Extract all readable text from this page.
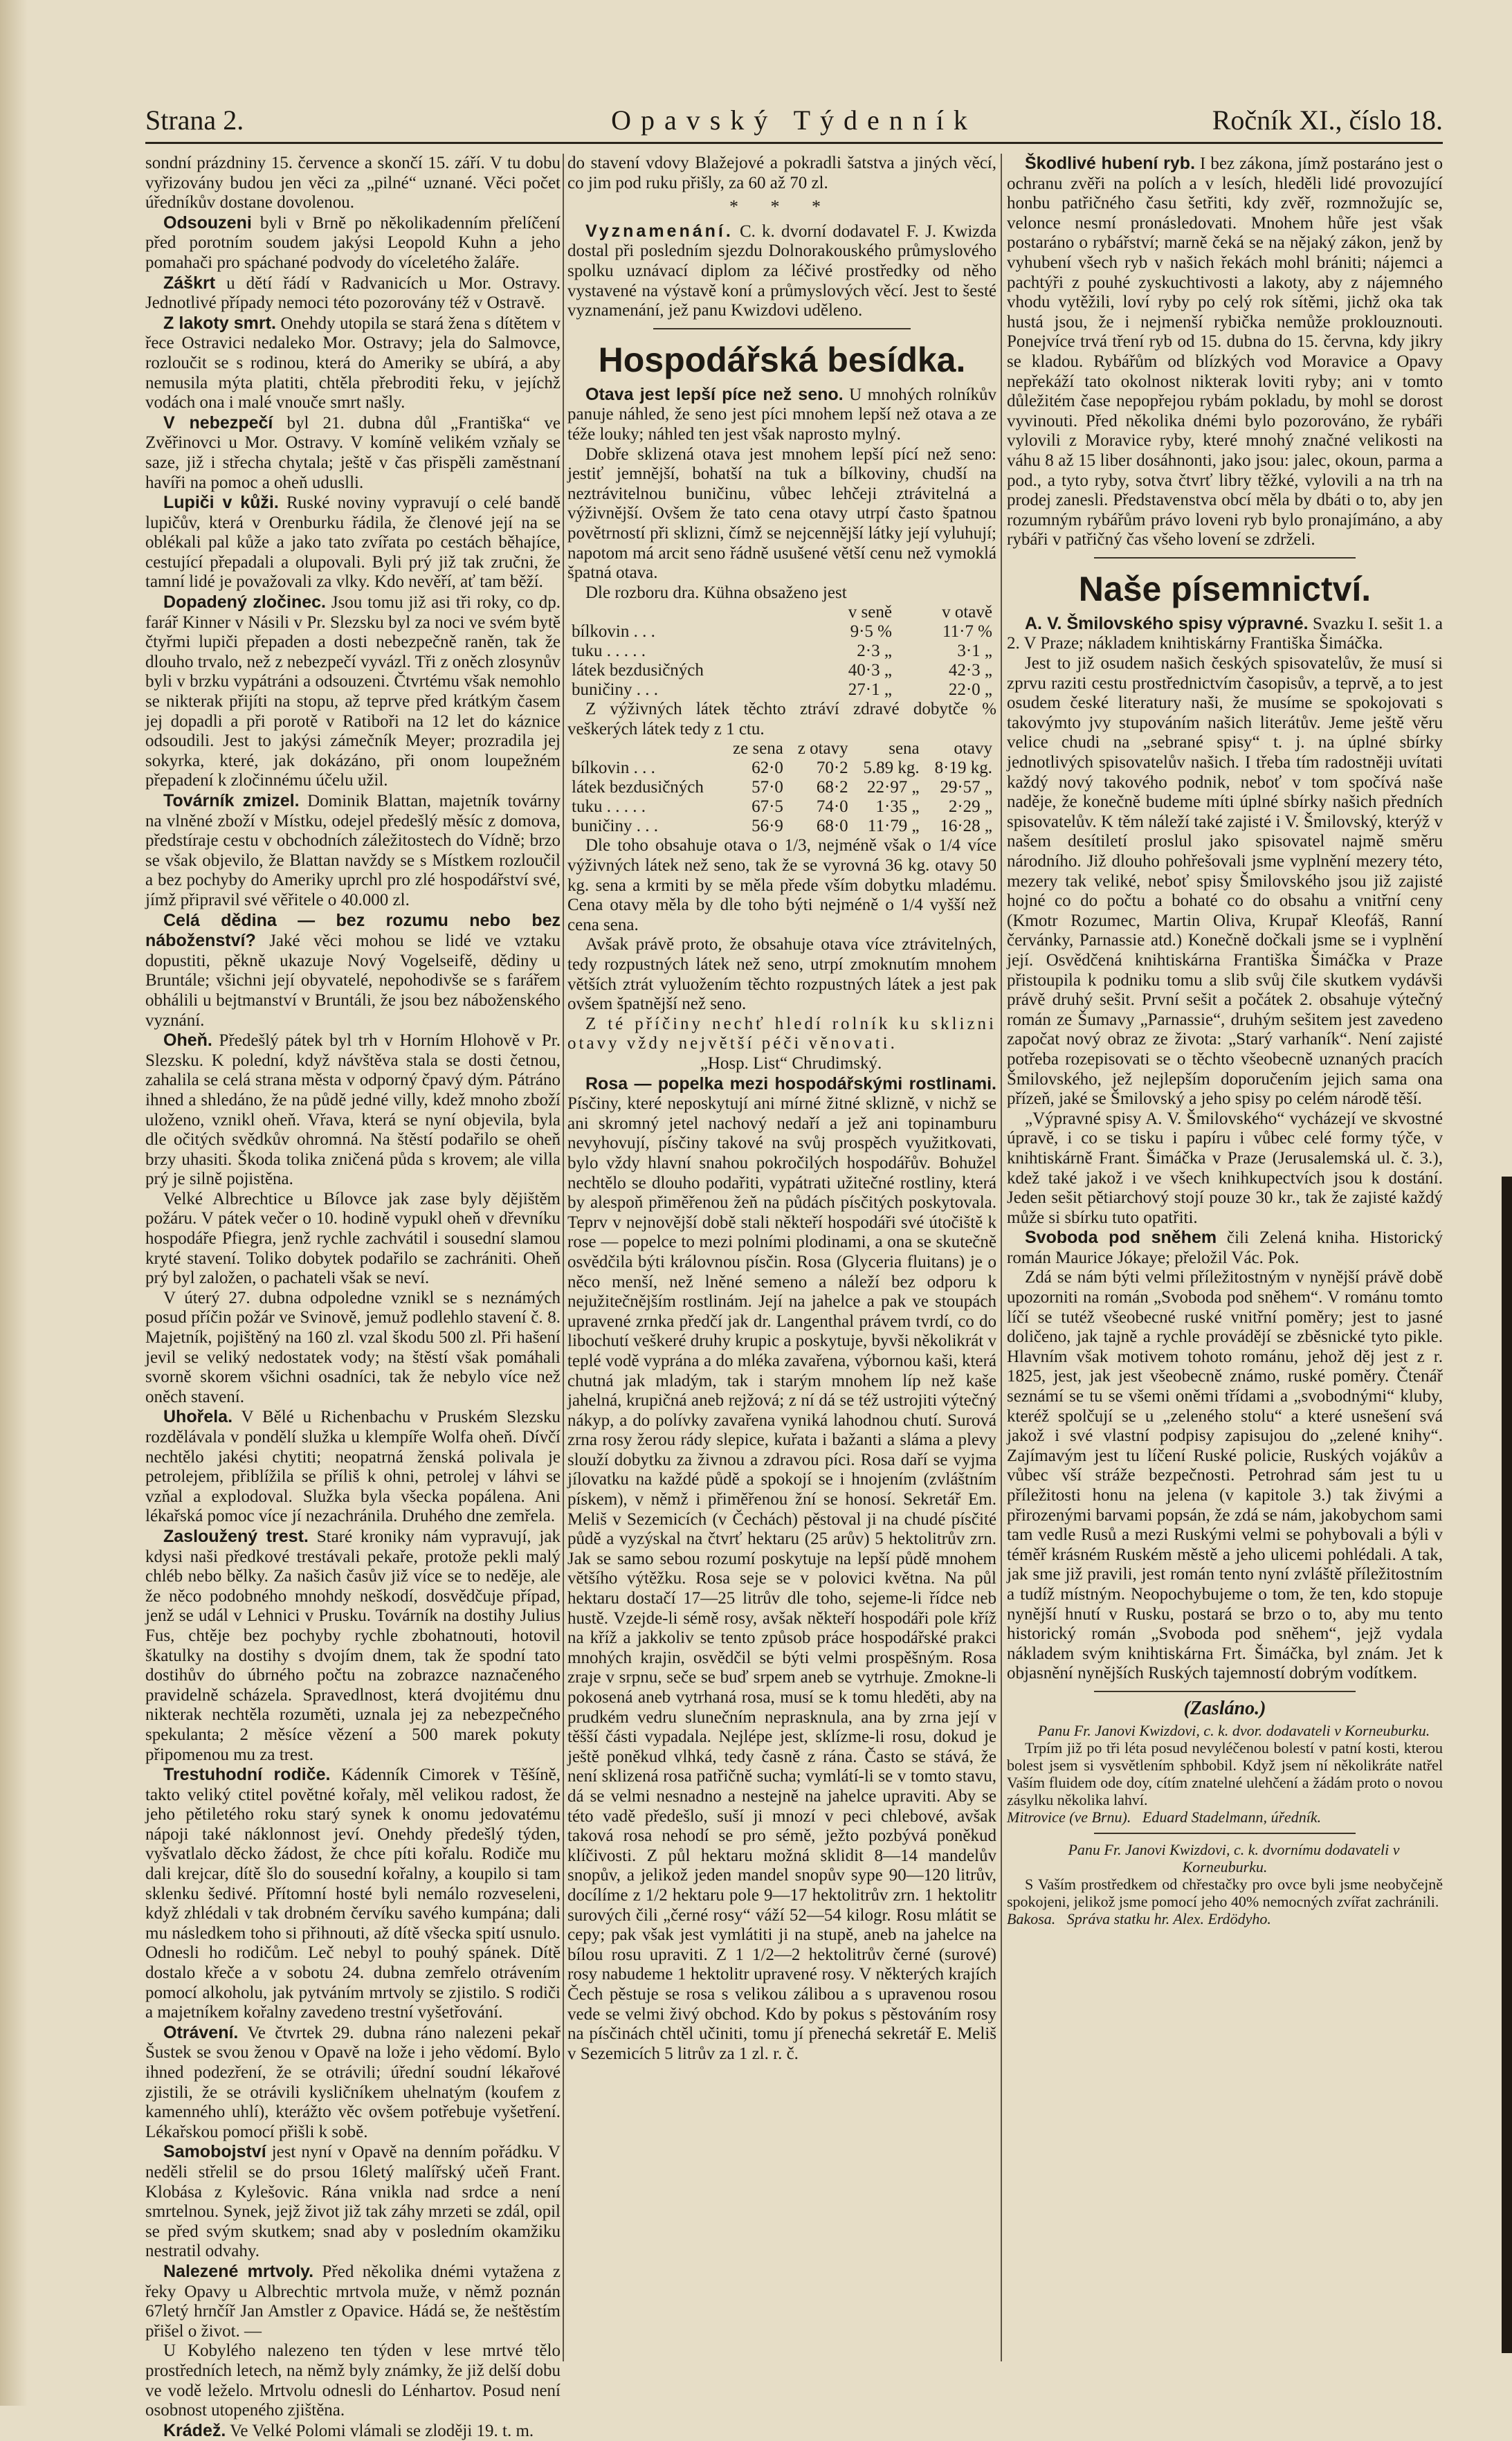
Strana 2.	Opavský Týdenník	Ročník XI., číslo 18.

sondní prázdniny 15. července a skončí 15. září. V tu dobu vyřizovány budou jen věci za „pilné“ uznané. Věci počet úředníkův dostane dovolenou.

Odsouzeni byli v Brně po několikadenním přelíčení před porotním soudem jakýsi Leopold Kuhn a jeho pomahači pro spáchané podvody do víceletého žaláře.

Záškrt u dětí řádí v Radvanicích u Mor. Ostravy. Jednotlivé případy nemoci této pozorovány též v Ostravě.

Z lakoty smrt. Onehdy utopila se stará žena s dítětem v řece Ostravici nedaleko Mor. Ostravy; jela do Salmovce, rozloučit se s rodinou, která do Ameriky se ubírá, a aby nemusila mýta platiti, chtěla přebroditi řeku, v jejíchž vodách ona i malé vnouče smrt našly.

V nebezpečí byl 21. dubna důl „Františka“ ve Zvěřinovci u Mor. Ostravy. V komíně velikém vzňaly se saze, již i střecha chytala; ještě v čas přispěli zaměstnaní havíři na pomoc a oheň uduslli.

Lupiči v kůži. Ruské noviny vypravují o celé bandě lupičův, která v Orenburku řádila, že členové její na se oblékali pal kůže a jako tato zvířata po cestách běhajíce, cestující přepadali a olupovali. Byli prý již tak zručni, že tamní lidé je považovali za vlky. Kdo nevěří, ať tam běží.

Dopadený zločinec. Jsou tomu již asi tři roky, co dp. farář Kinner v Násili v Pr. Slezsku byl za noci ve svém bytě čtyřmi lupiči přepaden a dosti nebezpečně raněn, tak že dlouho trvalo, než z nebezpečí vyvázl. Tři z oněch zlosynův byli v brzku vypátráni a odsouzeni. Čtvrtému však nemohlo se nikterak přijíti na stopu, až teprve před krátkým časem jej dopadli a při porotě v Ratiboři na 12 let do káznice odsoudili. Jest to jakýsi zámečník Meyer; prozradila jej sokyrka, které, jak dokázáno, při onom loupežném přepadení k zločinnému účelu užil.

Továrník zmizel. Dominik Blattan, majetník továrny na vlněné zboží v Místku, odejel předešlý měsíc z domova, předstíraje cestu v obchodních záležitostech do Vídně; brzo se však objevilo, že Blattan navždy se s Místkem rozloučil a bez pochyby do Ameriky uprchl pro zlé hospodářství své, jímž připravil své věřitele o 40.000 zl.

Celá dědina — bez rozumu nebo bez náboženství? Jaké věci mohou se lidé ve vztaku dopustiti, pěkně ukazuje Nový Vogelseifě, dědiny u Bruntále; všichni její obyvatelé, nepohodivše se s farářem obhálili u bejtmanství v Bruntáli, že jsou bez náboženského vyznání.

Oheň. Předešlý pátek byl trh v Horním Hlohově v Pr. Slezsku. K polední, když návštěva stala se dosti četnou, zahalila se celá strana města v odporný čpavý dým. Pátráno ihned a shledáno, že na půdě jedné villy, kdež mnoho zboží uloženo, vznikl oheň. Vřava, která se nyní objevila, byla dle očitých svědkův ohromná. Na štěstí podařilo se oheň brzy uhasiti. Škoda tolika zničená půda s krovem; ale villa prý je silně pojistěna.

Velké Albrechtice u Bílovce jak zase byly dějištěm požáru. V pátek večer o 10. hodině vypukl oheň v dřevníku hospodáře Pfiegra, jenž rychle zachvátil i sousední slamou kryté stavení. Toliko dobytek podařilo se zachrániti. Oheň prý byl založen, o pachateli však se neví.

V úterý 27. dubna odpoledne vznikl se s neznámých posud příčin požár ve Svinově, jemuž podlehlo stavení č. 8. Majetník, pojištěný na 160 zl. vzal škodu 500 zl. Při hašení jevil se veliký nedostatek vody; na štěstí však pomáhali svorně skorem všichni osadníci, tak že nebylo více než oněch stavení.

Uhořela. V Bělé u Richenbachu v Pruském Slezsku rozdělávala v pondělí služka u klempíře Wolfa oheň. Dívčí nechtělo jakési chytiti; neopatrná ženská polivala je petrolejem, přiblížila se příliš k ohni, petrolej v láhvi se vzňal a explodoval. Služka byla všecka popálena. Ani lékařská pomoc více jí nezachránila. Druhého dne zemřela.

Zasloužený trest. Staré kroniky nám vypravují, jak kdysi naši předkové trestávali pekaře, protože pekli malý chléb nebo bělky. Za našich časův již více se to neděje, ale že něco podobného mnohdy neškodí, dosvědčuje případ, jenž se udál v Lehnici v Prusku. Továrník na dostihy Julius Fus, chtěje bez pochyby rychle zbohatnouti, hotovil škatulky na dostihy s dvojím dnem, tak že spodní tato dostihův do úbrného počtu na zobrazce naznačeného pravidelně scházela. Spravedlnost, která dvojitému dnu nikterak nechtěla rozuměti, uznala jej za nebezpečného spekulanta; 2 měsíce vězení a 500 marek pokuty připomenou mu za trest.

Trestuhodní rodiče. Kádenník Cimorek v Těšíně, takto veliký ctitel povětné kořaly, měl velikou radost, že jeho pětiletého roku starý synek k onomu jedovatému nápoji také náklonnost jeví. Onehdy předešlý týden, vyšvatlalo děcko žádost, že chce píti kořalu. Rodiče mu dali krejcar, dítě šlo do sousední kořalny, a koupilo si tam sklenku šedivé. Přítomní hosté byli nemálo rozveseleni, když zhlédali v tak drobném červíku savého kumpána; dali mu následkem toho si přihnouti, až dítě všecka spití usnulo. Odnesli ho rodičům. Leč nebyl to pouhý spánek. Dítě dostalo křeče a v sobotu 24. dubna zemřelo otrávením pomocí alkoholu, jak pytváním mrtvoly se zjistilo. S rodiči a majetníkem kořalny zavedeno trestní vyšetřování.

Otrávení. Ve čtvrtek 29. dubna ráno nalezeni pekař Šustek se svou ženou v Opavě na lože i jeho vědomí. Bylo ihned podezření, že se otrávili; úřední soudní lékařové zjistili, že se otrávili kysličníkem uhelnatým (koufem z kamenného uhlí), kterážto věc ovšem potřebuje vyšetření. Lékařskou pomocí přišli k sobě.

Samobojství jest nyní v Opavě na denním pořádku. V neděli střelil se do prsou 16letý malířský učeň Frant. Klobása z Kylešovic. Rána vnikla nad srdce a není smrtelnou. Synek, jejž život již tak záhy mrzeti se zdál, opil se před svým skutkem; snad aby v posledním okamžiku nestratil odvahy.

Nalezené mrtvoly. Před několika dnémi vytažena z řeky Opavy u Albrechtic mrtvola muže, v němž poznán 67letý hrnčíř Jan Amstler z Opavice. Hádá se, že neštěstím přišel o život. —

U Kobylého nalezeno ten týden v lese mrtvé tělo prostředních letech, na němž byly známky, že již delší dobu ve vodě leželo. Mrtvolu odnesli do Lénhartov. Posud není osobnost utopeného zjištěna.

Krádež. Ve Velké Polomi vlámali se zloději 19. t. m.

do stavení vdovy Blažejové a pokradli šatstva a jiných věcí, co jim pod ruku přišly, za 60 až 70 zl.

* * *

Vyznamenání. C. k. dvorní dodavatel F. J. Kwizda dostal při posledním sjezdu Dolnorakouského průmyslového spolku uznávací diplom za léčivé prostředky od něho vystavené na výstavě koní a průmyslových věcí. Jest to šesté vyznamenání, jež panu Kwizdovi uděleno.

Hospodářská besídka.

Otava jest lepší píce než seno. U mnohých rolníkův panuje náhled, že seno jest píci mnohem lepší než otava a ze téže louky; náhled ten jest však naprosto mylný.

Dobře sklizená otava jest mnohem lepší pící než seno: jestiť jemnější, bohatší na tuk a bílkoviny, chudší na neztrávitelnou buničinu, vůbec lehčeji ztrávitelná a výživnější. Ovšem že tato cena otavy utrpí často špatnou povětrností při sklizni, čímž se nejcennější látky její vyluhují; napotom má arcit seno řádně usušené větší cenu než vymoklá špatná otava.

Dle rozboru dra. Kühna obsaženo jest

	v seně	v otavě
bílkovin . . .	9·5 %	11·7 %
tuku . . . . .	2·3 „	3·1 „
látek bezdusičných	40·3 „	42·3 „
buničiny . . .	27·1 „	22·0 „

Z výživných látek těchto ztráví zdravé dobytče % veškerých látek tedy z 1 ctu.

	ze sena	z otavy	sena	otavy
bílkovin . . .	62·0	70·2	5.89 kg.	8·19 kg.
látek bezdusičných	57·0	68·2	22·97 „	29·57 „
tuku . . . . .	67·5	74·0	1·35 „	2·29 „
buničiny . . .	56·9	68·0	11·79 „	16·28 „

Dle toho obsahuje otava o 1/3, nejméně však o 1/4 více výživných látek než seno, tak že se vyrovná 36 kg. otavy 50 kg. sena a krmiti by se měla přede vším dobytku mladému. Cena otavy měla by dle toho býti nejméně o 1/4 vyšší než cena sena.

Avšak právě proto, že obsahuje otava více ztrávitelných, tedy rozpustných látek než seno, utrpí zmoknutím mnohem větších ztrát vyluožením těchto rozpustných látek a jest pak ovšem špatnější než seno.

Z té příčiny nechť hledí rolník ku sklizni otavy vždy největší péči věnovati.

„Hosp. List“ Chrudimský.

Rosa — popelka mezi hospodářskými rostlinami. Písčiny, které neposkytují ani mírné žitné sklizně, v nichž se ani skromný jetel nachový nedaří a jež ani topinamburu nevyhovují, písčiny takové na svůj prospěch využitkovati, bylo vždy hlavní snahou pokročilých hospodářův. Bohužel nechtělo se dlouho podařiti, vypátrati užitečné rostliny, která by alespoň přiměřenou žeň na půdách písčitých poskytovala. Teprv v nejnovější době stali někteří hospodáři své útočiště k rose — popelce to mezi polními plodinami, a ona se skutečně osvědčila býti královnou písčin. Rosa (Glyceria fluitans) je o něco menší, než lněné semeno a náleží bez odporu k nejužitečnějším rostlinám. Její na jahelce a pak ve stoupách upravené zrnka předčí jak dr. Langenthal právem tvrdí, co do libochutí veškeré druhy krupic a poskytuje, byvši několikrát v teplé vodě vyprána a do mléka zavařena, výbornou kaši, která chutná jak mladým, tak i starým mnohem líp než kaše jahelná, krupičná aneb rejžová; z ní dá se též ustrojiti výtečný nákyp, a do polívky zavařena vyniká lahodnou chutí. Surová zrna rosy žerou rády slepice, kuřata i bažanti a sláma a plevy slouží dobytku za živnou a zdravou píci. Rosa daří se vyjma jílovatku na každé půdě a spokojí se i hnojením (zvláštním pískem), v němž i přiměřenou žní se honosí. Sekretář Em. Meliš v Sezemicích (v Čechách) pěstoval ji na chudé písčité půdě a vyzýskal na čtvrť hektaru (25 arův) 5 hektolitrův zrn. Jak se samo sebou rozumí poskytuje na lepší půdě mnohem většího výtěžku. Rosa seje se v polovici května. Na půl hektaru dostačí 17—25 litrův dle toho, sejeme-li řídce neb hustě. Vzejde-li sémě rosy, avšak někteří hospodáři pole kříž na kříž a jakkoliv se tento způsob práce hospodářské prakci mnohých krajin, osvědčil se býti velmi prospěšným. Rosa zraje v srpnu, seče se buď srpem aneb se vytrhuje. Zmokne-li pokosená aneb vytrhaná rosa, musí se k tomu hleděti, aby na prudkém vedru slunečním neprasknula, ana by zrna její v těšší části vypadala. Nejlépe jest, sklízme-li rosu, dokud je ještě poněkud vlhká, tedy časně z rána. Často se stává, že není sklizená rosa patřičně sucha; vymlátí-li se v tomto stavu, dá se velmi nesnadno a nestejně na jahelce upraviti. Aby se této vadě předešlo, suší ji mnozí v peci chlebové, avšak taková rosa nehodí se pro sémě, ježto pozbývá poněkud klíčivosti. Z půl hektaru možná sklidit 8—14 mandelův snopův, a jelikož jeden mandel snopův sype 90—120 litrův, docílíme z 1/2 hektaru pole 9—17 hektolitrův zrn. 1 hektolitr surových čili „černé rosy“ váží 52—54 kilogr. Rosu mlátit se cepy; pak však jest vymlátiti ji na stupě, aneb na jahelce na bílou rosu upraviti. Z 1 1/2—2 hektolitrův černé (surové) rosy nabudeme 1 hektolitr upravené rosy. V některých krajích Čech pěstuje se rosa s velikou zálibou a s upravenou rosou vede se velmi živý obchod. Kdo by pokus s pěstováním rosy na písčinách chtěl učiniti, tomu jí přenechá sekretář E. Meliš v Sezemicích 5 litrův za 1 zl. r. č.

Škodlivé hubení ryb. I bez zákona, jímž postaráno jest o ochranu zvěři na polích a v lesích, hleděli lidé provozující honbu patřičného času šetřiti, kdy zvěř, rozmnožujíc se, velonce nesmí pronásledovati. Mnohem hůře jest však postaráno o rybářství; marně čeká se na nějaký zákon, jenž by vyhubení všech ryb v našich řekách mohl brániti; nájemci a pachtýři z pouhé zyskuchtivosti a lakoty, aby z nájemného vhodu vytěžili, loví ryby po celý rok sítěmi, jichž oka tak hustá jsou, že i nejmenší rybička nemůže proklouznouti. Ponejvíce trvá tření ryb od 15. dubna do 15. června, kdy jikry se kladou. Rybářům od blízkých vod Moravice a Opavy nepřekáží tato okolnost nikterak loviti ryby; ani v tomto důležitém čase nepopřejou rybám pokladu, by mohl se dorost vyvinouti. Před několika dnémi bylo pozorováno, že rybáři vylovili z Moravice ryby, které mnohý značné velikosti na váhu 8 až 15 liber dosáhnonti, jako jsou: jalec, okoun, parma a pod., a tyto ryby, sotva čtvrť libry těžké, vylovili a na trh na prodej zanesli. Představenstva obcí měla by dbáti o to, aby jen rozumným rybářům právo loveni ryb bylo pronajímáno, a aby rybáři v patřičný čas všeho lovení se zdrželi.

Naše písemnictví.

A. V. Šmilovského spisy výpravné. Svazku I. sešit 1. a 2. V Praze; nákladem knihtiskárny Františka Šimáčka.

Jest to již osudem našich českých spisovatelův, že musí si zprvu raziti cestu prostřednictvím časopisův, a teprvě, a to jest osudem české literatury naši, že musíme se spokojovati s takovýmto jvy stupováním našich literátův. Jeme ještě věru velice chudi na „sebrané spisy“ t. j. na úplné sbírky jednotlivých spisovatelův našich. I třeba tím radostněji uvítati každý nový takového podnik, neboť v tom spočívá naše naděje, že konečně budeme míti úplné sbírky našich předních spisovatelův. K těm náleží také zajisté i V. Šmilovský, kterýž v našem desítiletí proslul jako spisovatel najmě směru národního. Již dlouho pohřešovali jsme vyplnění mezery této, mezery tak veliké, neboť spisy Šmilovského jsou již zajisté hojné co do počtu a bohaté co do obsahu a vnitřní ceny (Kmotr Rozumec, Martin Oliva, Krupař Kleofáš, Ranní červánky, Parnassie atd.) Konečně dočkali jsme se i vyplnění její. Osvědčená knihtiskárna Františka Šimáčka v Praze přistoupila k podniku tomu a slib svůj čile skutkem vydávši právě druhý sešit. První sešit a počátek 2. obsahuje výtečný román ze Šumavy „Parnassie“, druhým sešitem jest zavedeno započat nový obraz ze života: „Starý varhaník“. Není zajisté potřeba rozepisovati se o těchto všeobecně uznaných pracích Šmilovského, jež nejlepším doporučením jejich sama ona přízeň, jaké se Šmilovský a jeho spisy po celém národě těší.

„Výpravné spisy A. V. Šmilovského“ vycházejí ve skvostné úpravě, i co se tisku i papíru i vůbec celé formy týče, v knihtiskárně Frant. Šimáčka v Praze (Jerusalemská ul. č. 3.), kdež také jakož i ve všech knihkupectvích jsou k dostání. Jeden sešit pětiarchový stojí pouze 30 kr., tak že zajisté každý může si sbírku tuto opatřiti.

Svoboda pod sněhem čili Zelená kniha. Historický román Maurice Jókaye; přeložil Vác. Pok.

Zdá se nám býti velmi příležitostným v nynější právě době upozorniti na román „Svoboda pod sněhem“. V románu tomto líčí se tutéž všeobecné ruské vnitřní poměry; jest to jasné doličeno, jak tajně a rychle provádějí se zběsnické tyto pikle. Hlavním však motivem tohoto románu, jehož děj jest z r. 1825, jest, jak jest všeobecně známo, ruské poměry. Čtenář seznámí se tu se všemi oněmi třídami a „svobodnými“ kluby, kteréž spolčují se u „zeleného stolu“ a které usnešení svá jakož i své vlastní podpisy zapisujou do „zelené knihy“. Zajímavým jest tu líčení Ruské policie, Ruských vojákův a vůbec vší stráže bezpečnosti. Petrohrad sám jest tu u příležitosti honu na jelena (v kapitole 3.) tak živými a přirozenými barvami popsán, že zdá se nám, jakobychom sami tam vedle Rusů a mezi Ruskými velmi se pohybovali a býli v téměř krásném Ruském městě a jeho ulicemi pohlédali. A tak, jak sme již pravili, jest román tento nyní zvláště příležitostním a tudíž místným. Neopochybujeme o tom, že ten, kdo stopuje nynější hnutí v Rusku, postará se brzo o to, aby mu tento historický román „Svoboda pod sněhem“, jejž vydala nákladem svým knihtiskárna Frt. Šimáčka, byl znám. Jet k objasnění nynějších Ruských tajemností dobrým vodítkem.

(Zasláno.)

Panu Fr. Janovi Kwizdovi, c. k. dvor. dodavateli v Korneuburku.

Trpím již po tři léta posud nevyléčenou bolestí v patní kosti, kterou bolest jsem si vysvětlením sphbobil. Když jsem ní několikráte natřel Vaším fluidem ode doy, cítím znatelné ulehčení a žádám proto o novou zásylku několika lahví.

Mitrovice (ve Brnu). Eduard Stadelmann, úředník.

Panu Fr. Janovi Kwizdovi, c. k. dvornímu dodavateli v Korneuburku.

S Vaším prostředkem od chřestačky pro ovce byli jsme neobyčejně spokojeni, jelikož jsme pomocí jeho 40% nemocných zvířat zachránili.

Bakosa. Správa statku hr. Alex. Erdödyho.
